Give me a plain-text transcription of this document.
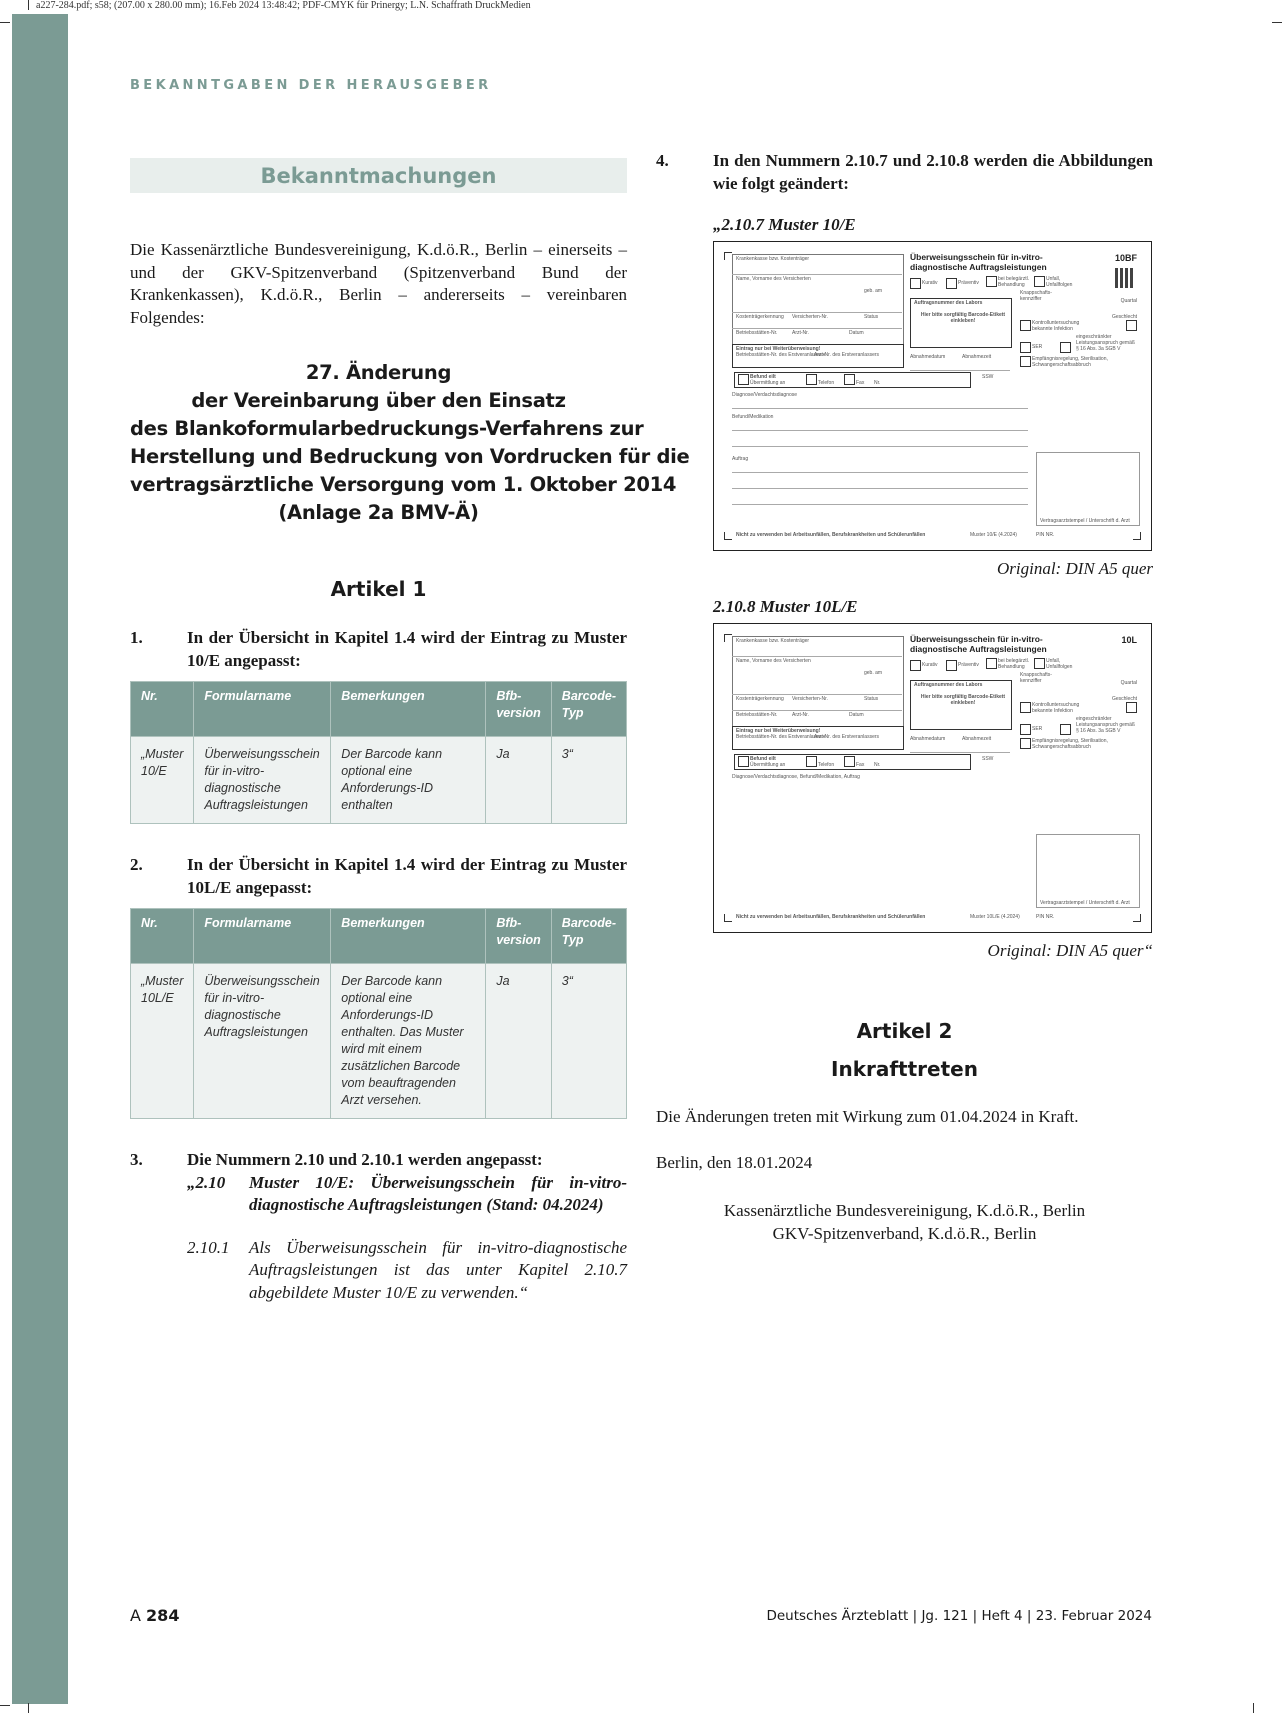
a227-284.pdf; s58; (207.00 x 280.00 mm); 16.Feb 2024 13:48:42; PDF-CMYK für Prinergy; L.N. Schaffrath DruckMedien
BEKANNTGABEN DER HERAUSGEBER
Bekanntmachungen

Die Kassenärztliche Bundesvereinigung, K.d.ö.R., Berlin – einerseits – und der GKV-Spitzenverband (Spitzenverband Bund der Krankenkassen), K.d.ö.R., Berlin – andererseits – vereinbaren Folgendes:

27. Änderung
der Vereinbarung über den Einsatz
des Blankoformularbedruckungs-Verfahrens zur
Herstellung und Bedruckung von Vordrucken für die
vertragsärztliche Versorgung vom 1. Oktober 2014
(Anlage 2a BMV-Ä)
Artikel 1
1.	In der Übersicht in Kapitel 1.4 wird der Eintrag zu Muster 10/E angepasst:
Nr.	Formularname	Bemerkungen	Bfb-version	Barcode-Typ
„Muster 10/E	Überweisungsschein für in-vitro-diagnostische Auftragsleistungen	Der Barcode kann optional eine Anforderungs-ID enthalten	Ja	3“
2.	In der Übersicht in Kapitel 1.4 wird der Eintrag zu Muster 10L/E angepasst:
Nr.	Formularname	Bemerkungen	Bfb-version	Barcode-Typ
„Muster 10L/E	Überweisungsschein für in-vitro-diagnostische Auftragsleistungen	Der Barcode kann optional eine Anforderungs-ID enthalten. Das Muster wird mit einem zusätzlichen Barcode vom beauftragenden Arzt versehen.	Ja	3“
3.	Die Nummern 2.10 und 2.10.1 werden angepasst:
„2.10	Muster 10/E: Überweisungsschein für in-vitro-diagnostische Auftragsleistungen (Stand: 04.2024)
2.10.1	Als Überweisungsschein für in-vitro-diagnostische Auftragsleistungen ist das unter Kapitel 2.10.7 abgebildete Muster 10/E zu verwenden.“
4.	In den Nummern 2.10.7 und 2.10.8 werden die Abbildungen wie folgt geändert:
„2.10.7 Muster 10/E
Überweisungsschein für in-vitro-diagnostische Auftragsleistungen
10BF
Krankenkasse bzw. Kostenträger
Name, Vorname des Versicherten
geb. am
Kostenträgerkennung Versicherten-Nr.	Status
Betriebsstätten-Nr.	Arzt-Nr.	Datum
Eintrag nur bei Weiterüberweisung!
Betriebsstätten-Nr. des Erstveranlassers
Arzt-Nr. des Erstveranlassers
Kurativ	Präventiv
bei belegärztl. Behandlung
Unfall, Unfallfolgen
Auftragsnummer des Labors
Hier bitte sorgfältig Barcode-Etikett einkleben!
Knappschafts-kennziffer	Quartal
Geschlecht
Kontrolluntersuchung bekannte Infektion
eingeschränkter Leistungsanspruch gemäß § 16 Abs. 3a SGB V
SER
Empfängnisregelung, Sterilisation, Schwangerschaftsabbruch
Abnahmedatum	Abnahmezeit
SSW
Befund eilt
Übermittlung an	Telefon	Fax Nr.
Diagnose/Verdachtsdiagnose
Befund/Medikation
Auftrag
Vertragsarztstempel / Unterschrift d. Arzt
Nicht zu verwenden bei Arbeitsunfällen, Berufskrankheiten und Schülerunfällen	Muster 10/E (4.2024)	PIN NR.
Original: DIN A5 quer
2.10.8 Muster 10L/E
Überweisungsschein für in-vitro-diagnostische Auftragsleistungen
10L
Krankenkasse bzw. Kostenträger
Name, Vorname des Versicherten
geb. am
Kostenträgerkennung Versicherten-Nr.	Status
Betriebsstätten-Nr.	Arzt-Nr.	Datum
Eintrag nur bei Weiterüberweisung!
Betriebsstätten-Nr. des Erstveranlassers
Arzt-Nr. des Erstveranlassers
Kurativ	Präventiv
bei belegärztl. Behandlung
Unfall, Unfallfolgen
Auftragsnummer des Labors
Hier bitte sorgfältig Barcode-Etikett einkleben!
Knappschafts-kennziffer	Quartal
Geschlecht
Kontrolluntersuchung bekannte Infektion
eingeschränkter Leistungsanspruch gemäß § 16 Abs. 3a SGB V
SER
Empfängnisregelung, Sterilisation, Schwangerschaftsabbruch
Abnahmedatum	Abnahmezeit
SSW
Befund eilt
Übermittlung an	Telefon	Fax Nr.
Diagnose/Verdachtsdiagnose, Befund/Medikation, Auftrag
Vertragsarztstempel / Unterschrift d. Arzt
Nicht zu verwenden bei Arbeitsunfällen, Berufskrankheiten und Schülerunfällen	Muster 10L/E (4.2024)	PIN NR.
Original: DIN A5 quer“
Artikel 2
Inkrafttreten

Die Änderungen treten mit Wirkung zum 01.04.2024 in Kraft.

Berlin, den 18.01.2024

Kassenärztliche Bundesvereinigung, K.d.ö.R., Berlin
GKV-Spitzenverband, K.d.ö.R., Berlin
A 284	Deutsches Ärzteblatt | Jg. 121 | Heft 4 | 23. Februar 2024
